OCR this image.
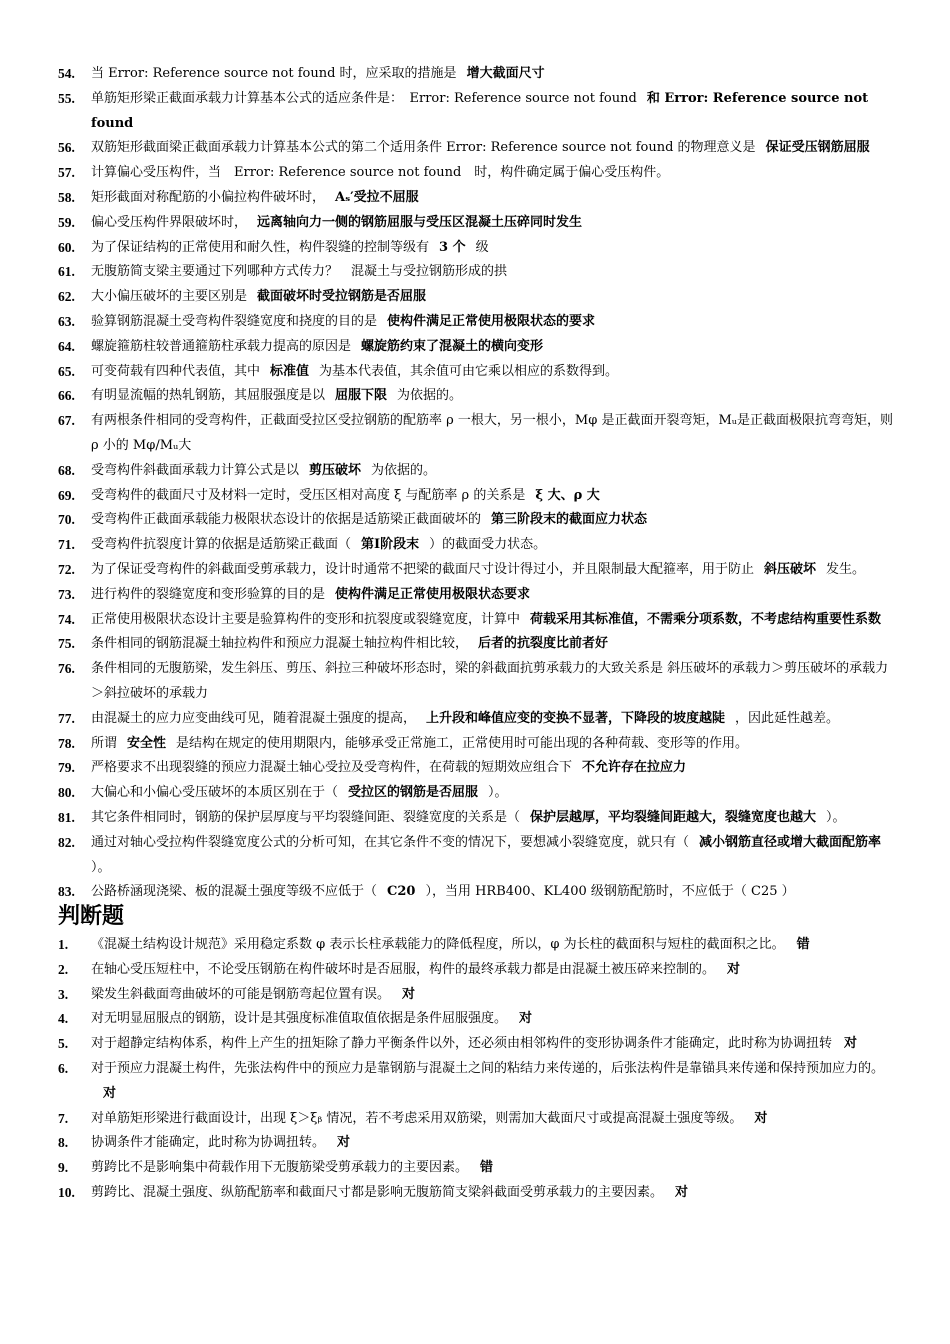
54. 当 Error: Reference source not found 时，应采取的措施是 增大截面尺寸
55. 单筋矩形梁正截面承载力计算基本公式的适应条件是：　Error: Reference source not found 和 Error: Reference source not found
56. 双筋矩形截面梁正截面承载力计算基本公式的第二个适用条件 Error: Reference source not found 的物理意义是 保证受压钢筋屈服
57. 计算偏心受压构件，当　Error: Reference source not found　时，构件确定属于偏心受压构件。
58. 矩形截面对称配筋的小偏拉构件破坏时， Aₛ′受拉不屈服
59. 偏心受压构件界限破坏时， 远离轴向力一侧的钢筋屈服与受压区混凝土压碎同时发生
60. 为了保证结构的正常使用和耐久性，构件裂缝的控制等级有 3 个 级
61. 无腹筋简支梁主要通过下列哪种方式传力？　混凝土与受拉钢筋形成的拱
62. 大小偏压破坏的主要区别是 截面破坏时受拉钢筋是否屈服
63. 验算钢筋混凝土受弯构件裂缝宽度和挠度的目的是 使构件满足正常使用极限状态的要求
64. 螺旋箍筋柱较普通箍筋柱承载力提高的原因是 螺旋筋约束了混凝土的横向变形
65. 可变荷载有四种代表值，其中 标准值 为基本代表值，其余值可由它乘以相应的系数得到。
66. 有明显流幅的热轧钢筋，其屈服强度是以 屈服下限 为依据的。
67. 有两根条件相同的受弯构件，正截面受拉区受拉钢筋的配筋率 ρ 一根大，另一根小，Mφ 是正截面开裂弯矩，Mᵤ是正截面极限抗弯弯矩，则 ρ 小的 Mφ/Mᵤ大
68. 受弯构件斜截面承载力计算公式是以 剪压破坏 为依据的。
69. 受弯构件的截面尺寸及材料一定时，受压区相对高度 ξ 与配筋率 ρ 的关系是 ξ 大、ρ 大
70. 受弯构件正截面承载能力极限状态设计的依据是适筋梁正截面破坏的 第三阶段末的截面应力状态
71. 受弯构件抗裂度计算的依据是适筋梁正截面（ 第Ⅰ阶段末 ）的截面受力状态。
72. 为了保证受弯构件的斜截面受剪承载力，设计时通常不把梁的截面尺寸设计得过小，并且限制最大配箍率，用于防止 斜压破坏 发生。
73. 进行构件的裂缝宽度和变形验算的目的是 使构件满足正常使用极限状态要求
74. 正常使用极限状态设计主要是验算构件的变形和抗裂度或裂缝宽度，计算中 荷载采用其标准值，不需乘分项系数，不考虑结构重要性系数
75. 条件相同的钢筋混凝土轴拉构件和预应力混凝土轴拉构件相比较， 后者的抗裂度比前者好
76. 条件相同的无腹筋梁，发生斜压、剪压、斜拉三种破坏形态时，梁的斜截面抗剪承载力的大致关系是 斜压破坏的承载力＞剪压破坏的承载力＞斜拉破坏的承载力
77. 由混凝土的应力应变曲线可见，随着混凝土强度的提高， 上升段和峰值应变的变换不显著，下降段的坡度越陡 ，因此延性越差。
78. 所谓 安全性 是结构在规定的使用期限内，能够承受正常施工，正常使用时可能出现的各种荷载、变形等的作用。
79. 严格要求不出现裂缝的预应力混凝土轴心受拉及受弯构件，在荷载的短期效应组合下 不允许存在拉应力
80. 大偏心和小偏心受压破坏的本质区别在于（ 受拉区的钢筋是否屈服 ）。
81. 其它条件相同时，钢筋的保护层厚度与平均裂缝间距、裂缝宽度的关系是（ 保护层越厚，平均裂缝间距越大，裂缝宽度也越大 ）。
82. 通过对轴心受拉构件裂缝宽度公式的分析可知，在其它条件不变的情况下，要想减小裂缝宽度，就只有（ 减小钢筋直径或增大截面配筋率）。
83. 公路桥涵现浇梁、板的混凝土强度等级不应低于（ C20 ），当用 HRB400、KL400 级钢筋配筋时，不应低于（ C25 ）
判断题
1. 《混凝土结构设计规范》采用稳定系数 φ 表示长柱承载能力的降低程度，所以，φ 为长柱的截面积与短柱的截面积之比。 错
2. 在轴心受压短柱中，不论受压钢筋在构件破坏时是否屈服，构件的最终承载力都是由混凝土被压碎来控制的。 对
3. 梁发生斜截面弯曲破坏的可能是钢筋弯起位置有误。 对
4. 对无明显屈服点的钢筋，设计是其强度标准值取值依据是条件屈服强度。 对
5. 对于超静定结构体系，构件上产生的扭矩除了静力平衡条件以外，还必须由相邻构件的变形协调条件才能确定，此时称为协调扭转 对
6. 对于预应力混凝土构件，先张法构件中的预应力是靠钢筋与混凝土之间的粘结力来传递的，后张法构件是靠锚具来传递和保持预加应力的。对
7. 对单筋矩形梁进行截面设计，出现 ξ＞ξᵦ 情况，若不考虑采用双筋梁，则需加大截面尺寸或提高混凝土强度等级。 对
8. 协调条件才能确定，此时称为协调扭转。 对
9. 剪跨比不是影响集中荷载作用下无腹筋梁受剪承载力的主要因素。 错
10. 剪跨比、混凝土强度、纵筋配筋率和截面尺寸都是影响无腹筋简支梁斜截面受剪承载力的主要因素。 对
